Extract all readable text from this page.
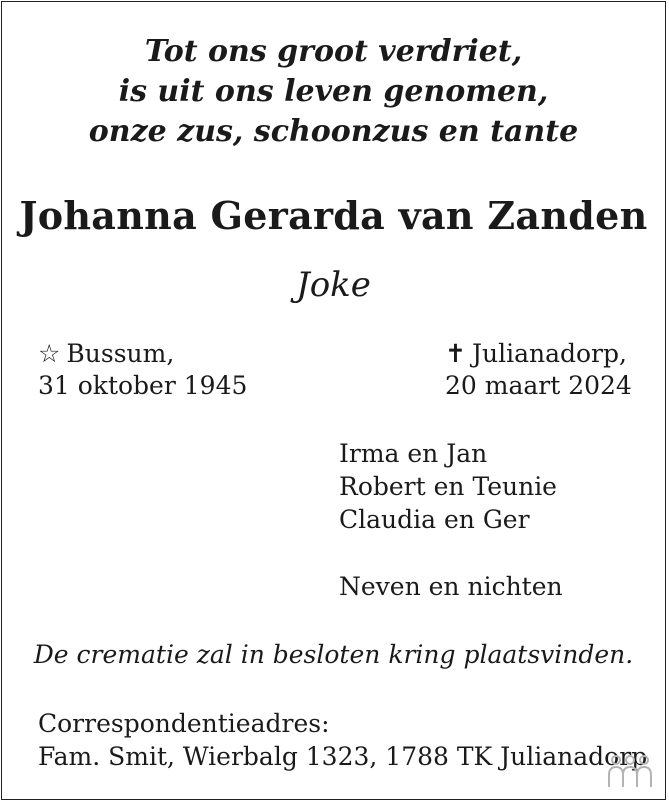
Tot ons groot verdriet,
is uit ons leven genomen,
onze zus, schoonzus en tante
Johanna Gerarda van Zanden
Joke
☆ Bussum,
31 oktober 1945
✝ Julianadorp,
20 maart 2024
Irma en Jan
Robert en Teunie
Claudia en Ger
Neven en nichten
De crematie zal in besloten kring plaatsvinden.
Correspondentieadres:
Fam. Smit, Wierbalg 1323, 1788 TK Julianadorp
